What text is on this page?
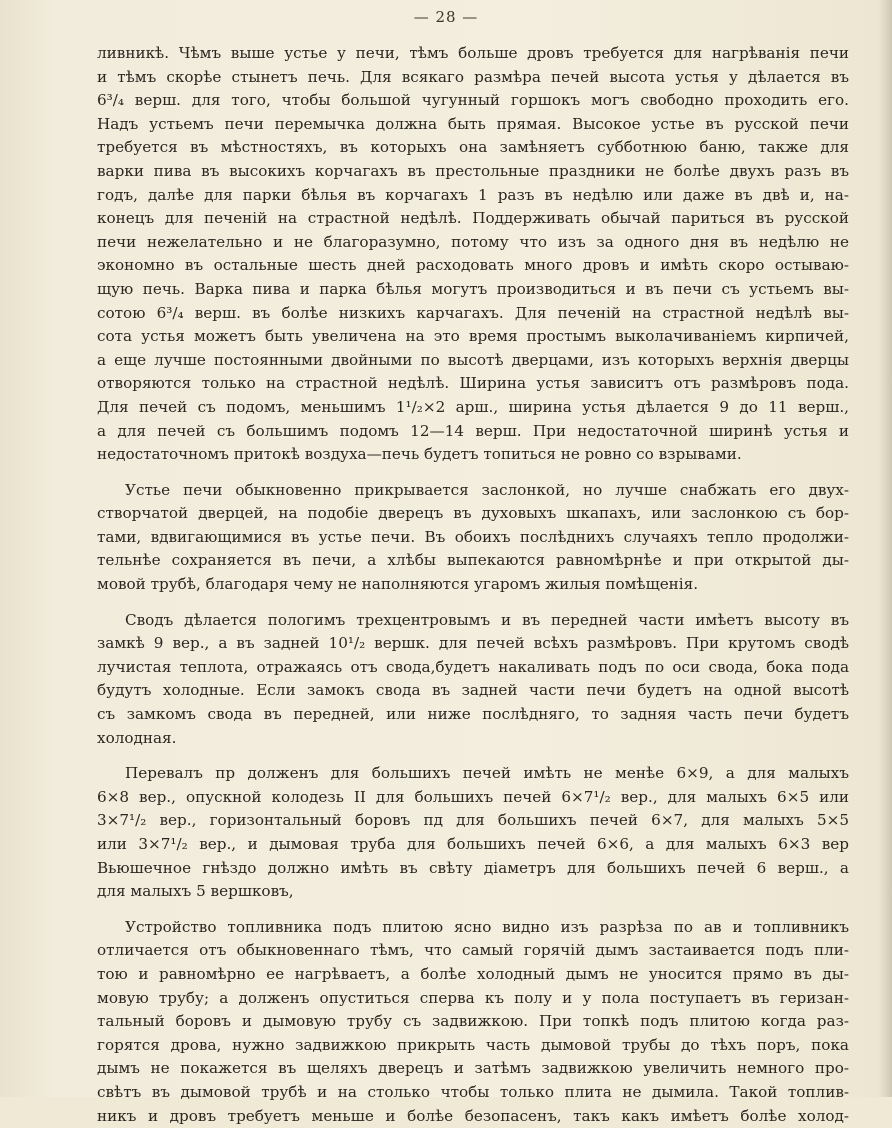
— 28 —

ливникѣ. Чѣмъ выше устье у печи, тѣмъ больше дровъ требуется для нагрѣванія печи
и тѣмъ скорѣе стынетъ печь. Для всякаго размѣра печей высота устья у дѣлается въ
6³/₄ верш. для того, чтобы большой чугунный горшокъ могъ свободно проходить его.
Надъ устьемъ печи перемычка должна быть прямая. Высокое устье въ русской печи
требуется въ мѣстностяхъ, въ которыхъ она замѣняетъ субботнюю баню, также для
варки пива въ высокихъ корчагахъ въ престольные праздники не болѣе двухъ разъ въ
годъ, далѣе для парки бѣлья въ корчагахъ 1 разъ въ недѣлю или даже въ двѣ и, на-
конецъ для печеній на страстной недѣлѣ. Поддерживать обычай париться въ русской
печи нежелательно и не благоразумно, потому что изъ за одного дня въ недѣлю не
экономно въ остальные шесть дней расходовать много дровъ и имѣть скоро остываю-
щую печь. Варка пива и парка бѣлья могутъ производиться и въ печи съ устьемъ вы-
сотою 6³/₄ верш. въ болѣе низкихъ карчагахъ. Для печеній на страстной недѣлѣ вы-
сота устья можетъ быть увеличена на это время простымъ выколачиваніемъ кирпичей,
а еще лучше постоянными двойными по высотѣ дверцами, изъ которыхъ верхнія дверцы
отворяются только на страстной недѣлѣ. Ширина устья зависитъ отъ размѣровъ пода.
Для печей съ подомъ, меньшимъ 1¹/₂×2 арш., ширина устья дѣлается 9 до 11 верш.,
а для печей съ большимъ подомъ 12—14 верш. При недостаточной ширинѣ устья и
недостаточномъ притокѣ воздуха—печь будетъ топиться не ровно со взрывами.

Устье печи обыкновенно прикрывается заслонкой, но лучше снабжать его двух-
створчатой дверцей, на подобіе дверецъ въ духовыхъ шкапахъ, или заслонкою съ бор-
тами, вдвигающимися въ устье печи. Въ обоихъ послѣднихъ случаяхъ тепло продолжи-
тельнѣе сохраняется въ печи, а хлѣбы выпекаются равномѣрнѣе и при открытой ды-
мовой трубѣ, благодаря чему не наполняются угаромъ жилыя помѣщенія.

Сводъ дѣлается пологимъ трехцентровымъ и въ передней части имѣетъ высоту въ
замкѣ 9 вер., а въ задней 10¹/₂ вершк. для печей всѣхъ размѣровъ. При крутомъ сводѣ
лучистая теплота, отражаясь отъ свода,будетъ накаливать подъ по оси свода, бока пода
будутъ холодные. Если замокъ свода въ задней части печи будетъ на одной высотѣ
съ замкомъ свода въ передней, или ниже послѣдняго, то задняя часть печи будетъ
холодная.

Перевалъ пр долженъ для большихъ печей имѣть не менѣе 6×9, а для малыхъ
6×8 вер., опускной колодезь II для большихъ печей 6×7¹/₂ вер., для малыхъ 6×5 или
3×7¹/₂ вер., горизонтальный боровъ пд для большихъ печей 6×7, для малыхъ 5×5
или 3×7¹/₂ вер., и дымовая труба для большихъ печей 6×6, а для малыхъ 6×3 вер
Вьюшечное гнѣздо должно имѣть въ свѣту діаметръ для большихъ печей 6 верш., а
для малыхъ 5 вершковъ,

Устройство топливника подъ плитою ясно видно изъ разрѣза по ав и топливникъ
отличается отъ обыкновеннаго тѣмъ, что самый горячій дымъ застаивается подъ пли-
тою и равномѣрно ее нагрѣваетъ, а болѣе холодный дымъ не уносится прямо въ ды-
мовую трубу; а долженъ опуститься сперва къ полу и у пола поступаетъ въ геризан-
тальный боровъ и дымовую трубу съ задвижкою. При топкѣ подъ плитою когда раз-
горятся дрова, нужно задвижкою прикрыть часть дымовой трубы до тѣхъ поръ, пока
дымъ не покажется въ щеляхъ дверецъ и затѣмъ задвижкою увеличить немного про-
свѣтъ въ дымовой трубѣ и на столько чтобы только плита не дымила. Такой топлив-
никъ и дровъ требуетъ меньше и болѣе безопасенъ, такъ какъ имѣетъ болѣе холод-
